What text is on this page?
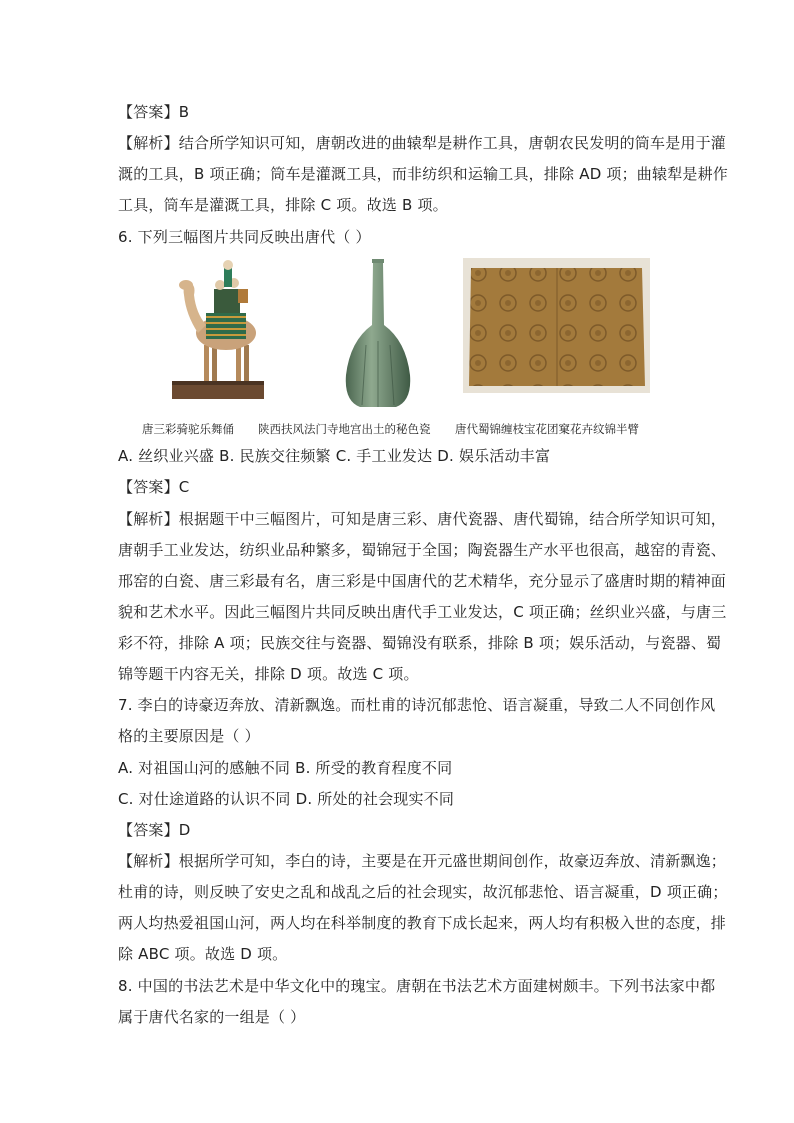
【答案】B
【解析】结合所学知识可知，唐朝改进的曲辕犁是耕作工具，唐朝农民发明的筒车是用于灌
溉的工具，B 项正确；筒车是灌溉工具，而非纺织和运输工具，排除 AD 项；曲辕犁是耕作
工具，筒车是灌溉工具，排除 C 项。故选 B 项。
6. 下列三幅图片共同反映出唐代（ ）
唐三彩骑驼乐舞俑 陕西扶风法门寺地宫出土的秘色瓷 唐代蜀锦缠枝宝花团窠花卉纹锦半臂
A. 丝织业兴盛 B. 民族交往频繁 C. 手工业发达 D. 娱乐活动丰富
【答案】C
【解析】根据题干中三幅图片，可知是唐三彩、唐代瓷器、唐代蜀锦，结合所学知识可知，
唐朝手工业发达，纺织业品种繁多，蜀锦冠于全国；陶瓷器生产水平也很高，越窑的青瓷、
邢窑的白瓷、唐三彩最有名，唐三彩是中国唐代的艺术精华，充分显示了盛唐时期的精神面
貌和艺术水平。因此三幅图片共同反映出唐代手工业发达，C 项正确；丝织业兴盛，与唐三
彩不符，排除 A 项；民族交往与瓷器、蜀锦没有联系，排除 B 项；娱乐活动，与瓷器、蜀
锦等题干内容无关，排除 D 项。故选 C 项。
7. 李白的诗豪迈奔放、清新飘逸。而杜甫的诗沉郁悲怆、语言凝重，导致二人不同创作风
格的主要原因是（ ）
A. 对祖国山河的感触不同 B. 所受的教育程度不同
C. 对仕途道路的认识不同 D. 所处的社会现实不同
【答案】D
【解析】根据所学可知，李白的诗，主要是在开元盛世期间创作，故豪迈奔放、清新飘逸；
杜甫的诗，则反映了安史之乱和战乱之后的社会现实，故沉郁悲怆、语言凝重，D 项正确；
两人均热爱祖国山河，两人均在科举制度的教育下成长起来，两人均有积极入世的态度，排
除 ABC 项。故选 D 项。
8. 中国的书法艺术是中华文化中的瑰宝。唐朝在书法艺术方面建树颇丰。下列书法家中都
属于唐代名家的一组是（ ）
